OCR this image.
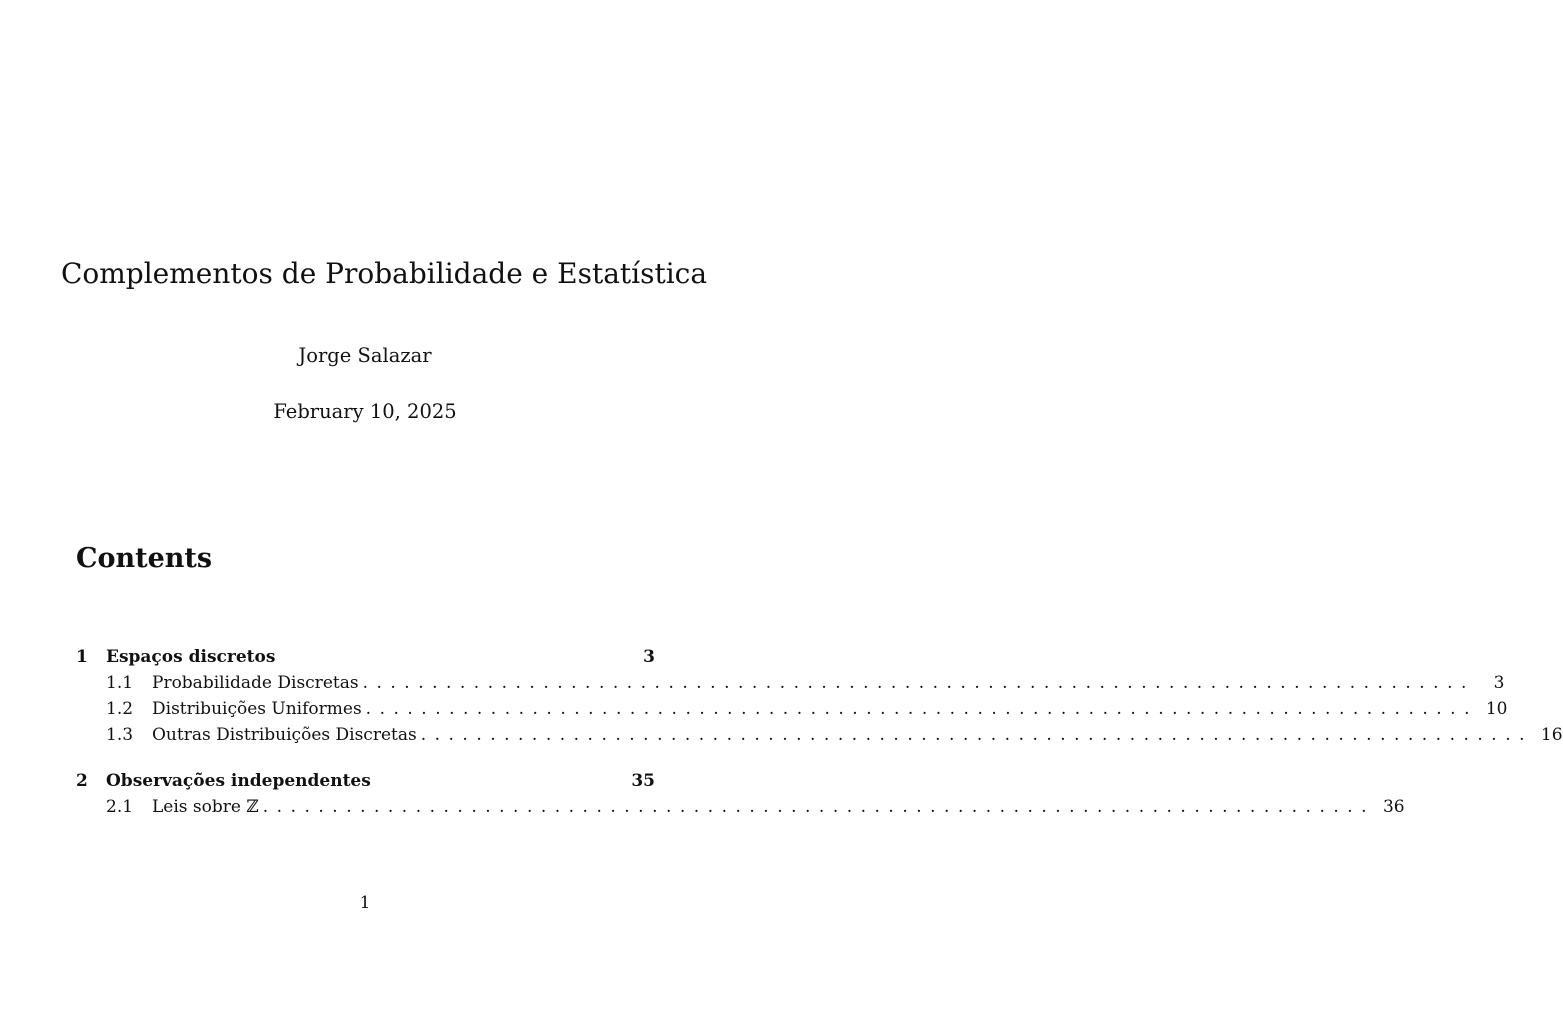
Complementos de Probabilidade e Estatística
Jorge Salazar
February 10, 2025
Contents
1	Espaços discretos	3
1.1	Probabilidade Discretas . . . . . . . . . . . . . . . . . . . . . . . . . . . . . . . . . . . . . . . . . . . . . . . . . . . . . . . . . . . . . . . . . . . . . . . . . . . . . . . .	3
1.2	Distribuições Uniformes . . . . . . . . . . . . . . . . . . . . . . . . . . . . . . . . . . . . . . . . . . . . . . . . . . . . . . . . . . . . . . . . . . . . . . . . . . . . . . . . 10
1.3	Outras Distribuições Discretas . . . . . . . . . . . . . . . . . . . . . . . . . . . . . . . . . . . . . . . . . . . . . . . . . . . . . . . . . . . . . . . . . . . . . . . . . . . . . . . . 16
2	Observações independentes	35
2.1	Leis sobre ℤ . . . . . . . . . . . . . . . . . . . . . . . . . . . . . . . . . . . . . . . . . . . . . . . . . . . . . . . . . . . . . . . . . . . . . . . . . . . . . . . . 36
1
